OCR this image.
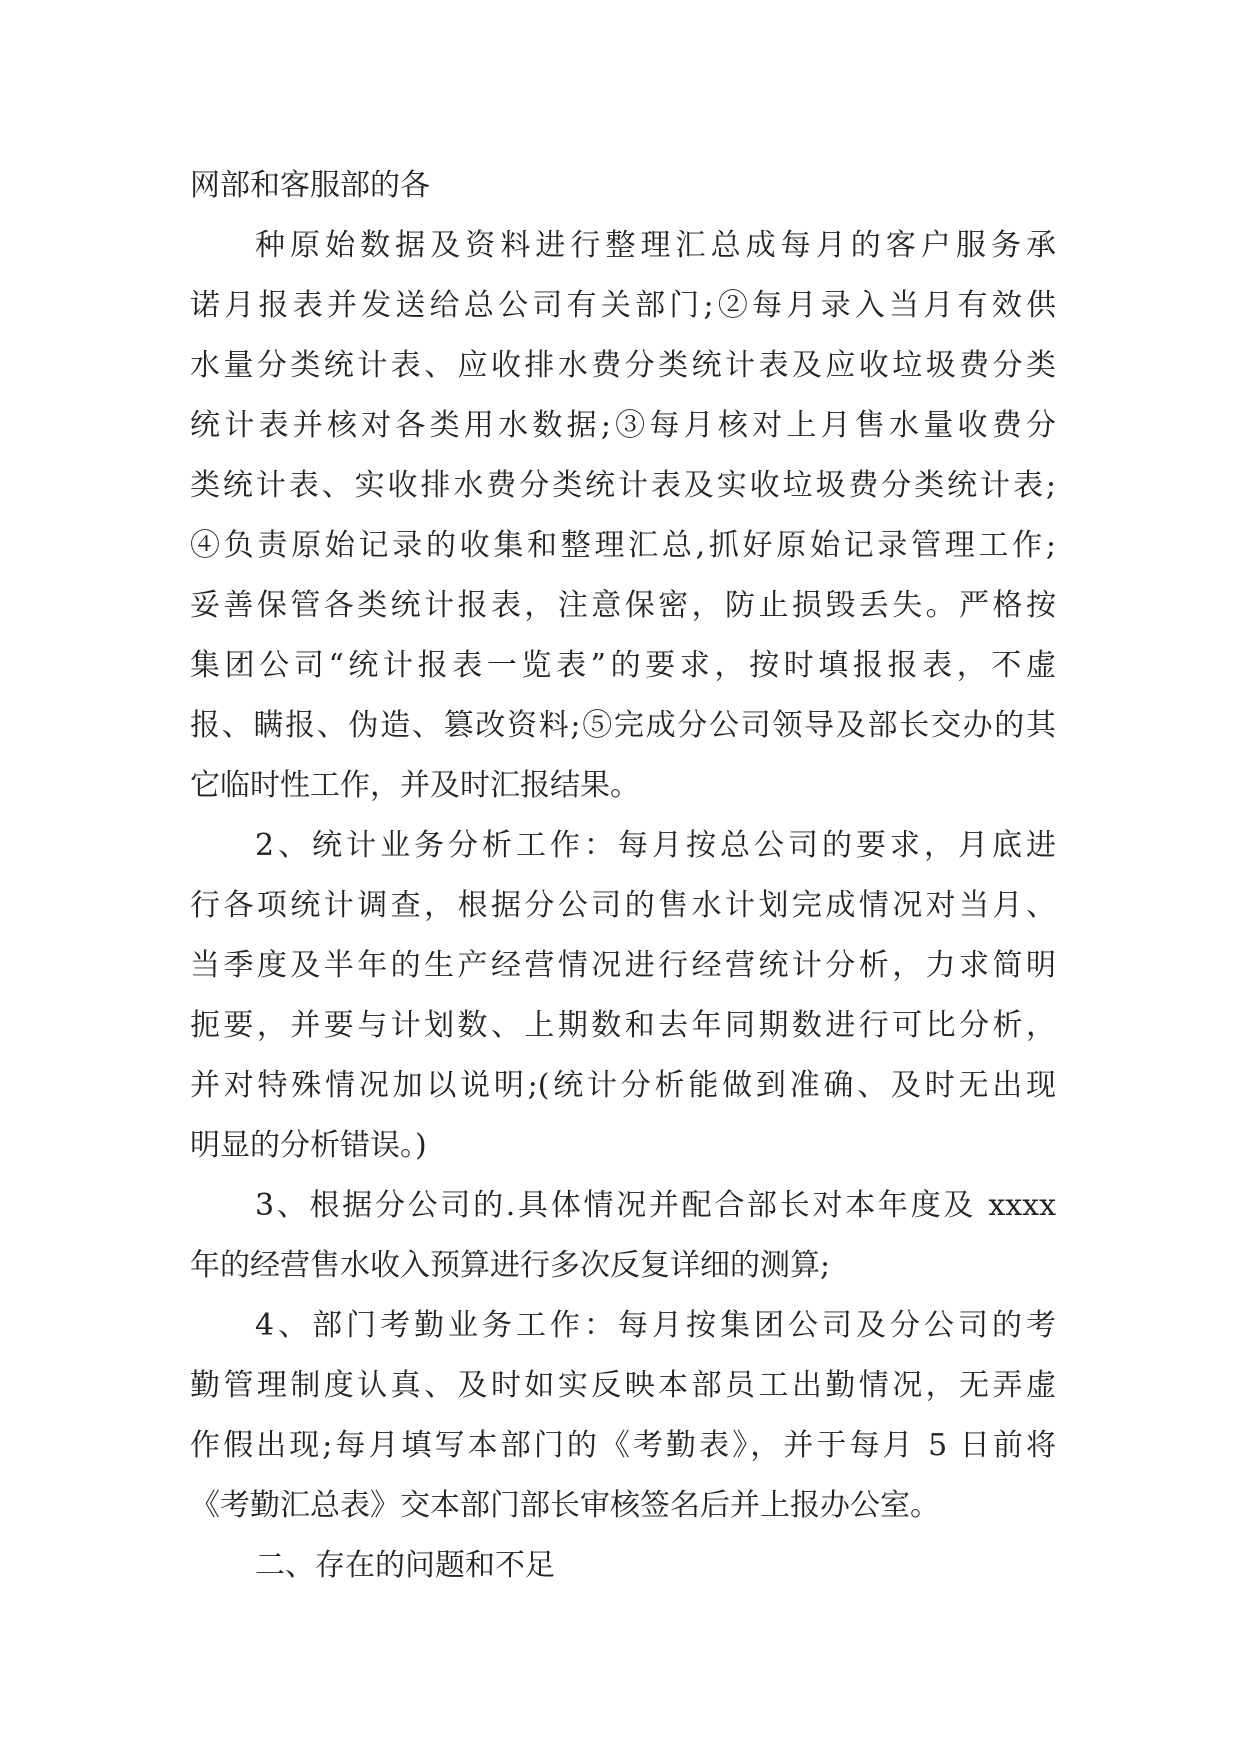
网部和客服部的各
种原始数据及资料进行整理汇总成每月的客户服务承
诺月报表并发送给总公司有关部门;②每月录入当月有效供
水量分类统计表、应收排水费分类统计表及应收垃圾费分类
统计表并核对各类用水数据;③每月核对上月售水量收费分
类统计表、实收排水费分类统计表及实收垃圾费分类统计表;
④负责原始记录的收集和整理汇总,抓好原始记录管理工作;
妥善保管各类统计报表，注意保密，防止损毁丢失。严格按
集团公司“统计报表一览表”的要求，按时填报报表，不虚
报、瞒报、伪造、篡改资料;⑤完成分公司领导及部长交办的其
它临时性工作，并及时汇报结果。
2、统计业务分析工作：每月按总公司的要求，月底进
行各项统计调查，根据分公司的售水计划完成情况对当月、
当季度及半年的生产经营情况进行经营统计分析，力求简明
扼要，并要与计划数、上期数和去年同期数进行可比分析，
并对特殊情况加以说明;(统计分析能做到准确、及时无出现
明显的分析错误。)
3、根据分公司的.具体情况并配合部长对本年度及 xxxx
年的经营售水收入预算进行多次反复详细的测算;
4、部门考勤业务工作：每月按集团公司及分公司的考
勤管理制度认真、及时如实反映本部员工出勤情况，无弄虚
作假出现;每月填写本部门的《考勤表》，并于每月 5 日前将
《考勤汇总表》交本部门部长审核签名后并上报办公室。
二、存在的问题和不足
